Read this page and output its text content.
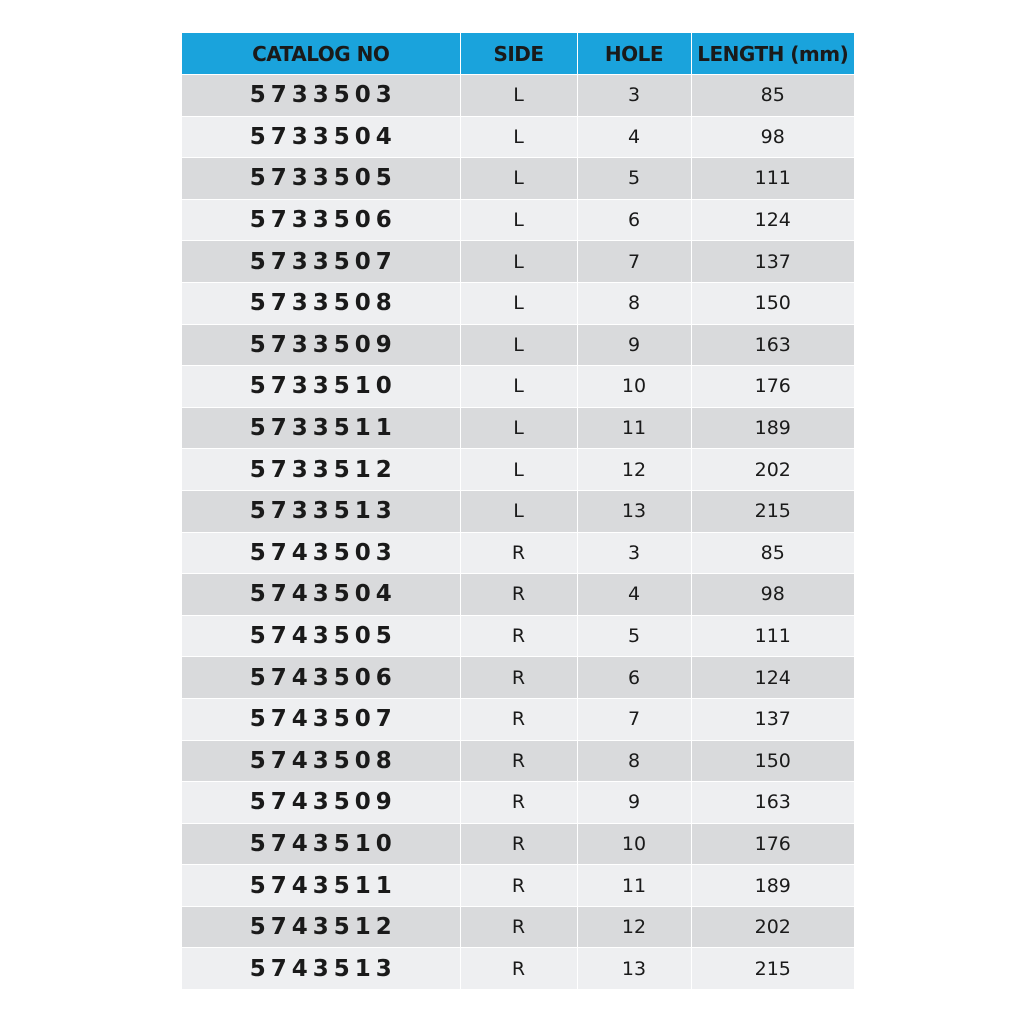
CATALOG NO	SIDE	HOLE	LENGTH (mm)
5733503	L	3	85
5733504	L	4	98
5733505	L	5	111
5733506	L	6	124
5733507	L	7	137
5733508	L	8	150
5733509	L	9	163
5733510	L	10	176
5733511	L	11	189
5733512	L	12	202
5733513	L	13	215
5743503	R	3	85
5743504	R	4	98
5743505	R	5	111
5743506	R	6	124
5743507	R	7	137
5743508	R	8	150
5743509	R	9	163
5743510	R	10	176
5743511	R	11	189
5743512	R	12	202
5743513	R	13	215
